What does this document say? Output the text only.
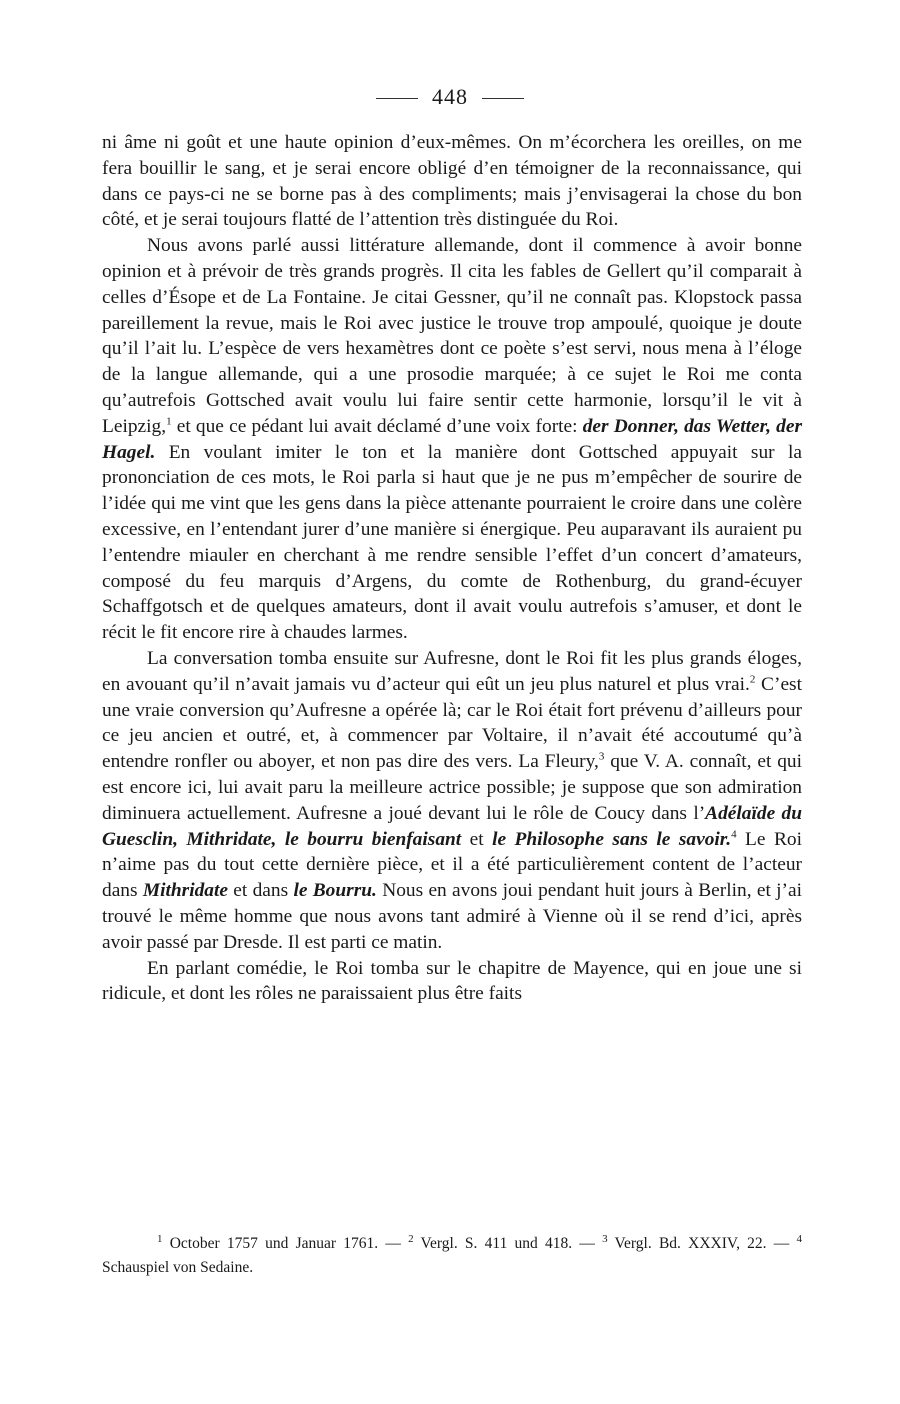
448

ni âme ni goût et une haute opinion d’eux-mêmes. On m’écorchera les oreilles, on me fera bouillir le sang, et je serai encore obligé d’en témoigner de la reconnaissance, qui dans ce pays-ci ne se borne pas à des compliments; mais j’envisagerai la chose du bon côté, et je serai toujours flatté de l’attention très distinguée du Roi.

Nous avons parlé aussi littérature allemande, dont il commence à avoir bonne opinion et à prévoir de très grands progrès. Il cita les fables de Gellert qu’il comparait à celles d’Ésope et de La Fontaine. Je citai Gessner, qu’il ne connaît pas. Klopstock passa pareillement la revue, mais le Roi avec justice le trouve trop ampoulé, quoique je doute qu’il l’ait lu. L’espèce de vers hexamètres dont ce poète s’est servi, nous mena à l’éloge de la langue allemande, qui a une prosodie marquée; à ce sujet le Roi me conta qu’autrefois Gottsched avait voulu lui faire sentir cette harmonie, lorsqu’il le vit à Leipzig,$^1$ et que ce pédant lui avait déclamé d’une voix forte: der Donner, das Wetter, der Hagel. En voulant imiter le ton et la manière dont Gottsched appuyait sur la prononciation de ces mots, le Roi parla si haut que je ne pus m’empêcher de sourire de l’idée qui me vint que les gens dans la pièce attenante pourraient le croire dans une colère excessive, en l’entendant jurer d’une manière si énergique. Peu auparavant ils auraient pu l’entendre miauler en cherchant à me rendre sensible l’effet d’un concert d’amateurs, composé du feu marquis d’Argens, du comte de Rothenburg, du grand-écuyer Schaffgotsch et de quelques amateurs, dont il avait voulu autrefois s’amuser, et dont le récit le fit encore rire à chaudes larmes.

La conversation tomba ensuite sur Aufresne, dont le Roi fit les plus grands éloges, en avouant qu’il n’avait jamais vu d’acteur qui eût un jeu plus naturel et plus vrai.$^2$ C’est une vraie conversion qu’Aufresne a opérée là; car le Roi était fort prévenu d’ailleurs pour ce jeu ancien et outré, et, à commencer par Voltaire, il n’avait été accoutumé qu’à entendre ronfler ou aboyer, et non pas dire des vers. La Fleury,$^3$ que V. A. connaît, et qui est encore ici, lui avait paru la meilleure actrice possible; je suppose que son admiration diminuera actuellement. Aufresne a joué devant lui le rôle de Coucy dans l’Adélaïde du Guesclin, Mithridate, le bourru bienfaisant et le Philosophe sans le savoir.$^4$ Le Roi n’aime pas du tout cette dernière pièce, et il a été particulièrement content de l’acteur dans Mithridate et dans le Bourru. Nous en avons joui pendant huit jours à Berlin, et j’ai trouvé le même homme que nous avons tant admiré à Vienne où il se rend d’ici, après avoir passé par Dresde. Il est parti ce matin.

En parlant comédie, le Roi tomba sur le chapitre de Mayence, qui en joue une si ridicule, et dont les rôles ne paraissaient plus être faits

$^1$ October 1757 und Januar 1761. — $^2$ Vergl. S. 411 und 418. — $^3$ Vergl. Bd. XXXIV, 22. — $^4$ Schauspiel von Sedaine.
